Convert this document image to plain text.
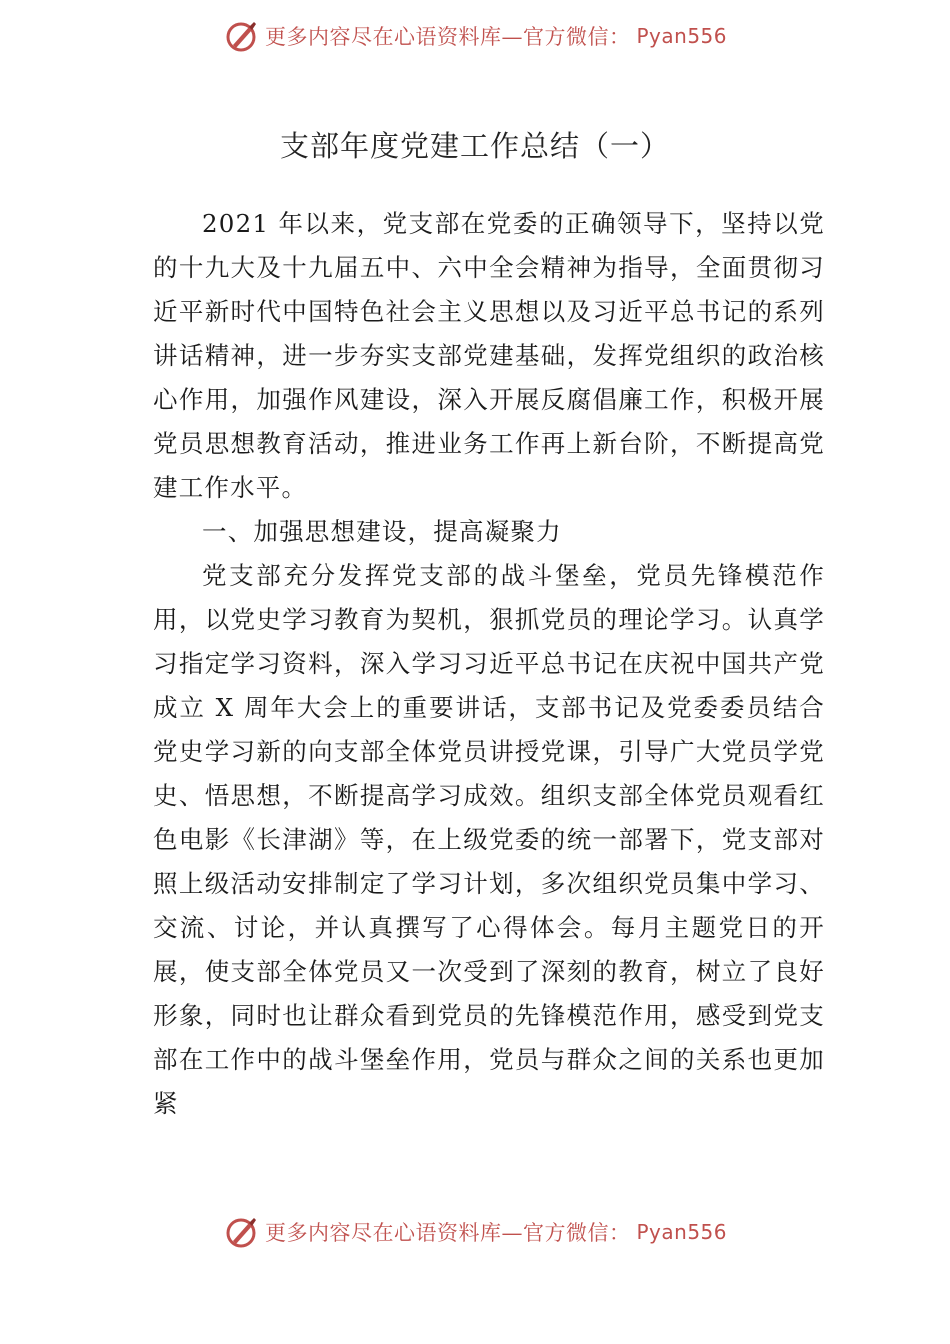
更多内容尽在心语资料库—官方微信： Pyan556
支部年度党建工作总结（一）

2021 年以来，党支部在党委的正确领导下，坚持以党的十九大及十九届五中、六中全会精神为指导，全面贯彻习近平新时代中国特色社会主义思想以及习近平总书记的系列讲话精神，进一步夯实支部党建基础，发挥党组织的政治核心作用，加强作风建设，深入开展反腐倡廉工作，积极开展党员思想教育活动，推进业务工作再上新台阶，不断提高党建工作水平。

一、加强思想建设，提高凝聚力

党支部充分发挥党支部的战斗堡垒，党员先锋模范作用，以党史学习教育为契机，狠抓党员的理论学习。认真学习指定学习资料，深入学习习近平总书记在庆祝中国共产党成立 X 周年大会上的重要讲话，支部书记及党委委员结合党史学习新的向支部全体党员讲授党课，引导广大党员学党史、悟思想，不断提高学习成效。组织支部全体党员观看红色电影《长津湖》等，在上级党委的统一部署下，党支部对照上级活动安排制定了学习计划，多次组织党员集中学习、交流、讨论，并认真撰写了心得体会。每月主题党日的开展，使支部全体党员又一次受到了深刻的教育，树立了良好形象，同时也让群众看到党员的先锋模范作用，感受到党支部在工作中的战斗堡垒作用，党员与群众之间的关系也更加紧

更多内容尽在心语资料库—官方微信： Pyan556
